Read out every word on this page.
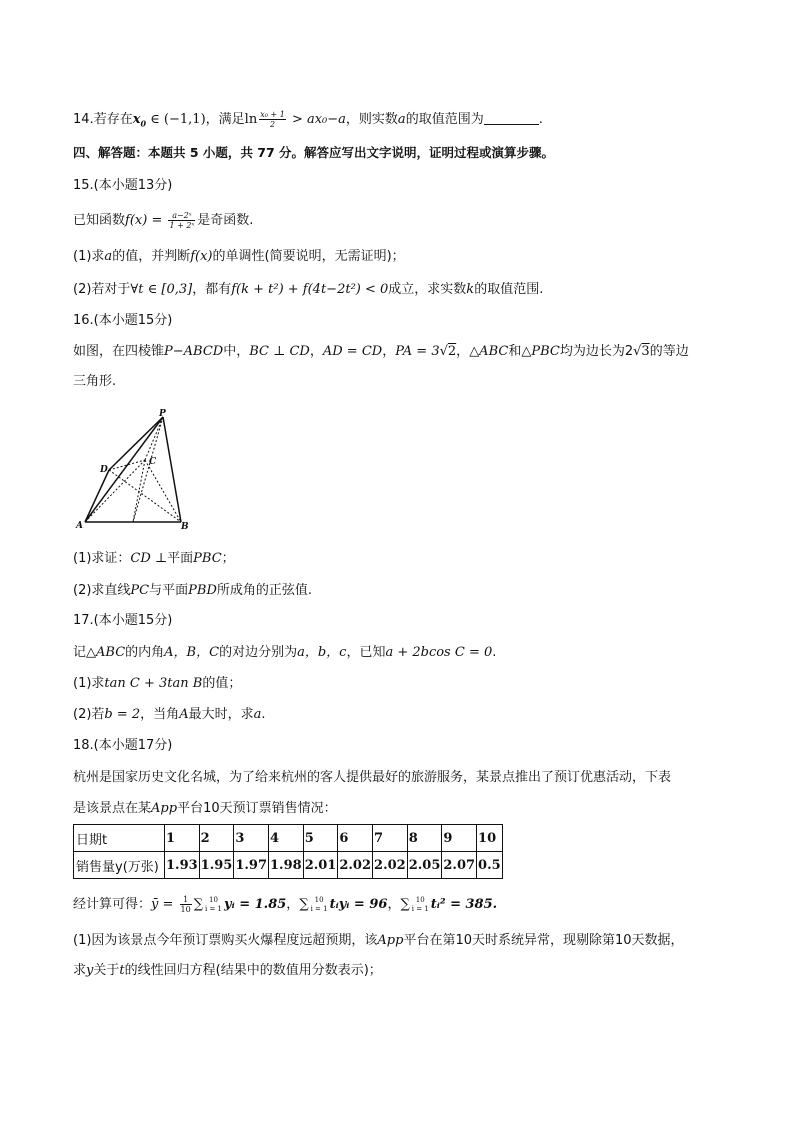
14.若存在$x_0$ ∈ (−1,1)，满足$\ln \frac{\text{x₀ + 1}}{2} > ax_0-a$，则实数a的取值范围为	.
四、解答题：本题共 5 小题，共 77 分。解答应写出文字说明，证明过程或演算步骤。
15.(本小题13分)
已知函数$f(x) = \frac{\text{a−2ˣ}}{\text{1 + 2ˣ}}$ 是奇函数.
(1)求a的值，并判断f(x)的单调性(简要说明，无需证明)；
(2)若对于∀t ∈ [0,3]，都有f(k + t²) + f(4t−2t²) < 0成立，求实数k的取值范围.
16.(本小题15分)
如图，在四棱锥P−ABCD中，BC ⊥ CD，AD = CD，PA = 3√2，△ABC和△PBC均为边长为2√3的等边
三角形.
P
D
C
A	B
(1)求证：CD ⊥平面PBC；
(2)求直线PC与平面PBD所成角的正弦值.
17.(本小题15分)
记△ABC的内角A，B，C的对边分别为a，b，c，已知a + 2bcos C = 0.
(1)求tan C + 3tan B的值；
(2)若b = 2，当角A最大时，求a.
18.(本小题17分)
杭州是国家历史文化名城，为了给来杭州的客人提供最好的旅游服务，某景点推出了预订优惠活动，下表
是该景点在某App平台10天预订票销售情况：
日期t	1	2	3	4	5	6	7	8	9	10
销售量y(万张)	1.93	1.95	1.97	1.98	2.01	2.02	2.02	2.05	2.07	0.5
经计算可得：ȳ = $\frac{1}{10}$ ∑ 10
i = 1 yᵢ = 1.85，∑ 10
i = 1 tᵢyᵢ = 96，∑ 10
i = 1 tᵢ² = 385.
(1)因为该景点今年预订票购买火爆程度远超预期，该App平台在第10天时系统异常，现剔除第10天数据，
求y关于t的线性回归方程(结果中的数值用分数表示)；
